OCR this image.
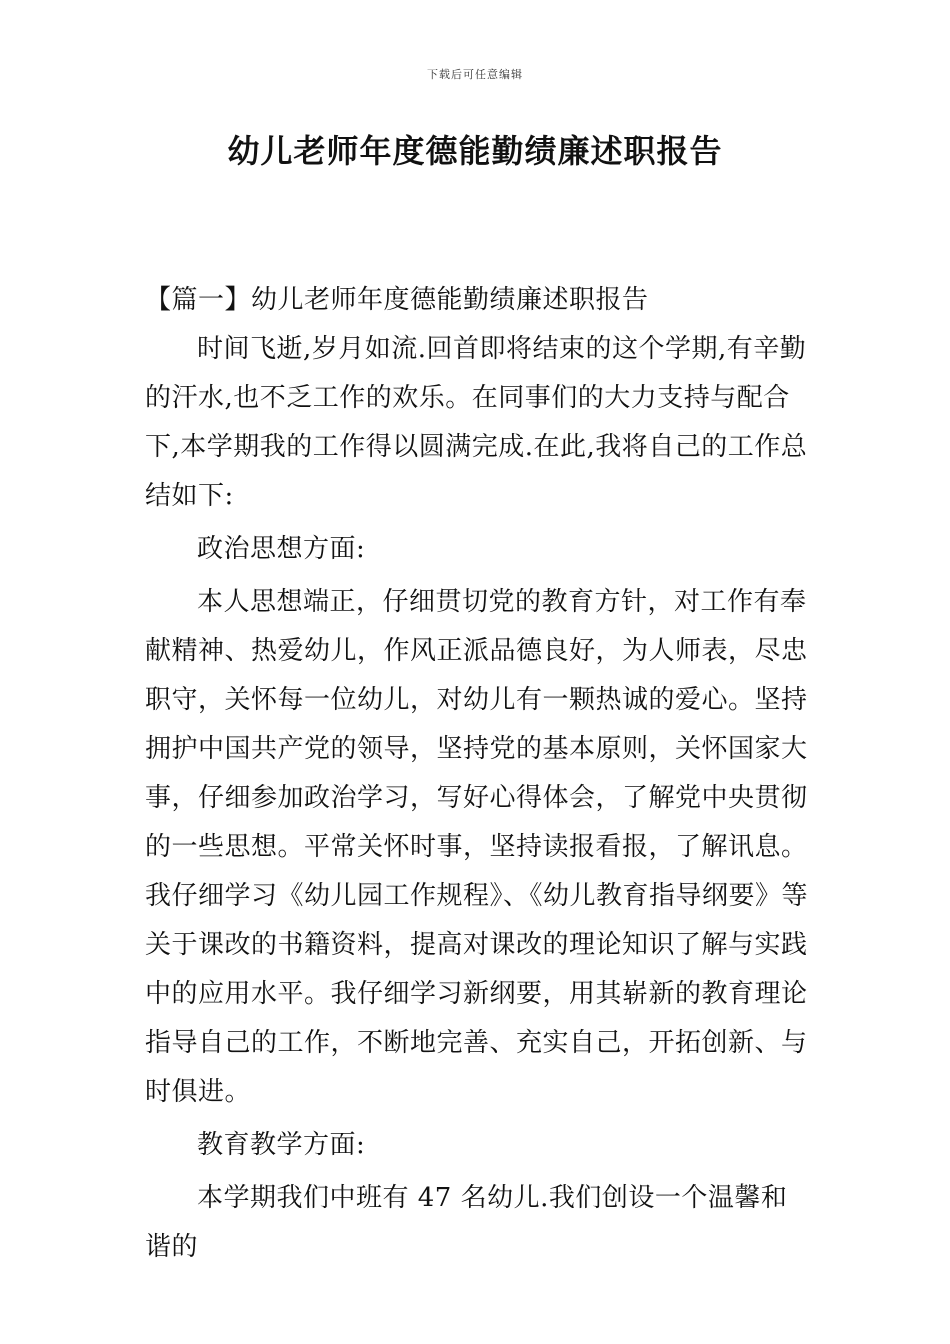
下载后可任意编辑
幼儿老师年度德能勤绩廉述职报告

【篇一】幼儿老师年度德能勤绩廉述职报告

时间飞逝,岁月如流.回首即将结束的这个学期,有辛勤的汗水,也不乏工作的欢乐。在同事们的大力支持与配合下,本学期我的工作得以圆满完成.在此,我将自己的工作总结如下:

政治思想方面:

本人思想端正，仔细贯切党的教育方针，对工作有奉献精神、热爱幼儿，作风正派品德良好，为人师表，尽忠职守，关怀每一位幼儿，对幼儿有一颗热诚的爱心。坚持拥护中国共产党的领导，坚持党的基本原则，关怀国家大事，仔细参加政治学习，写好心得体会，了解党中央贯彻的一些思想。平常关怀时事，坚持读报看报，了解讯息。我仔细学习《幼儿园工作规程》、《幼儿教育指导纲要》等关于课改的书籍资料，提高对课改的理论知识了解与实践中的应用水平。我仔细学习新纲要，用其崭新的教育理论指导自己的工作，不断地完善、充实自己，开拓创新、与时俱进。

教育教学方面:

本学期我们中班有 47 名幼儿.我们创设一个温馨和谐的
